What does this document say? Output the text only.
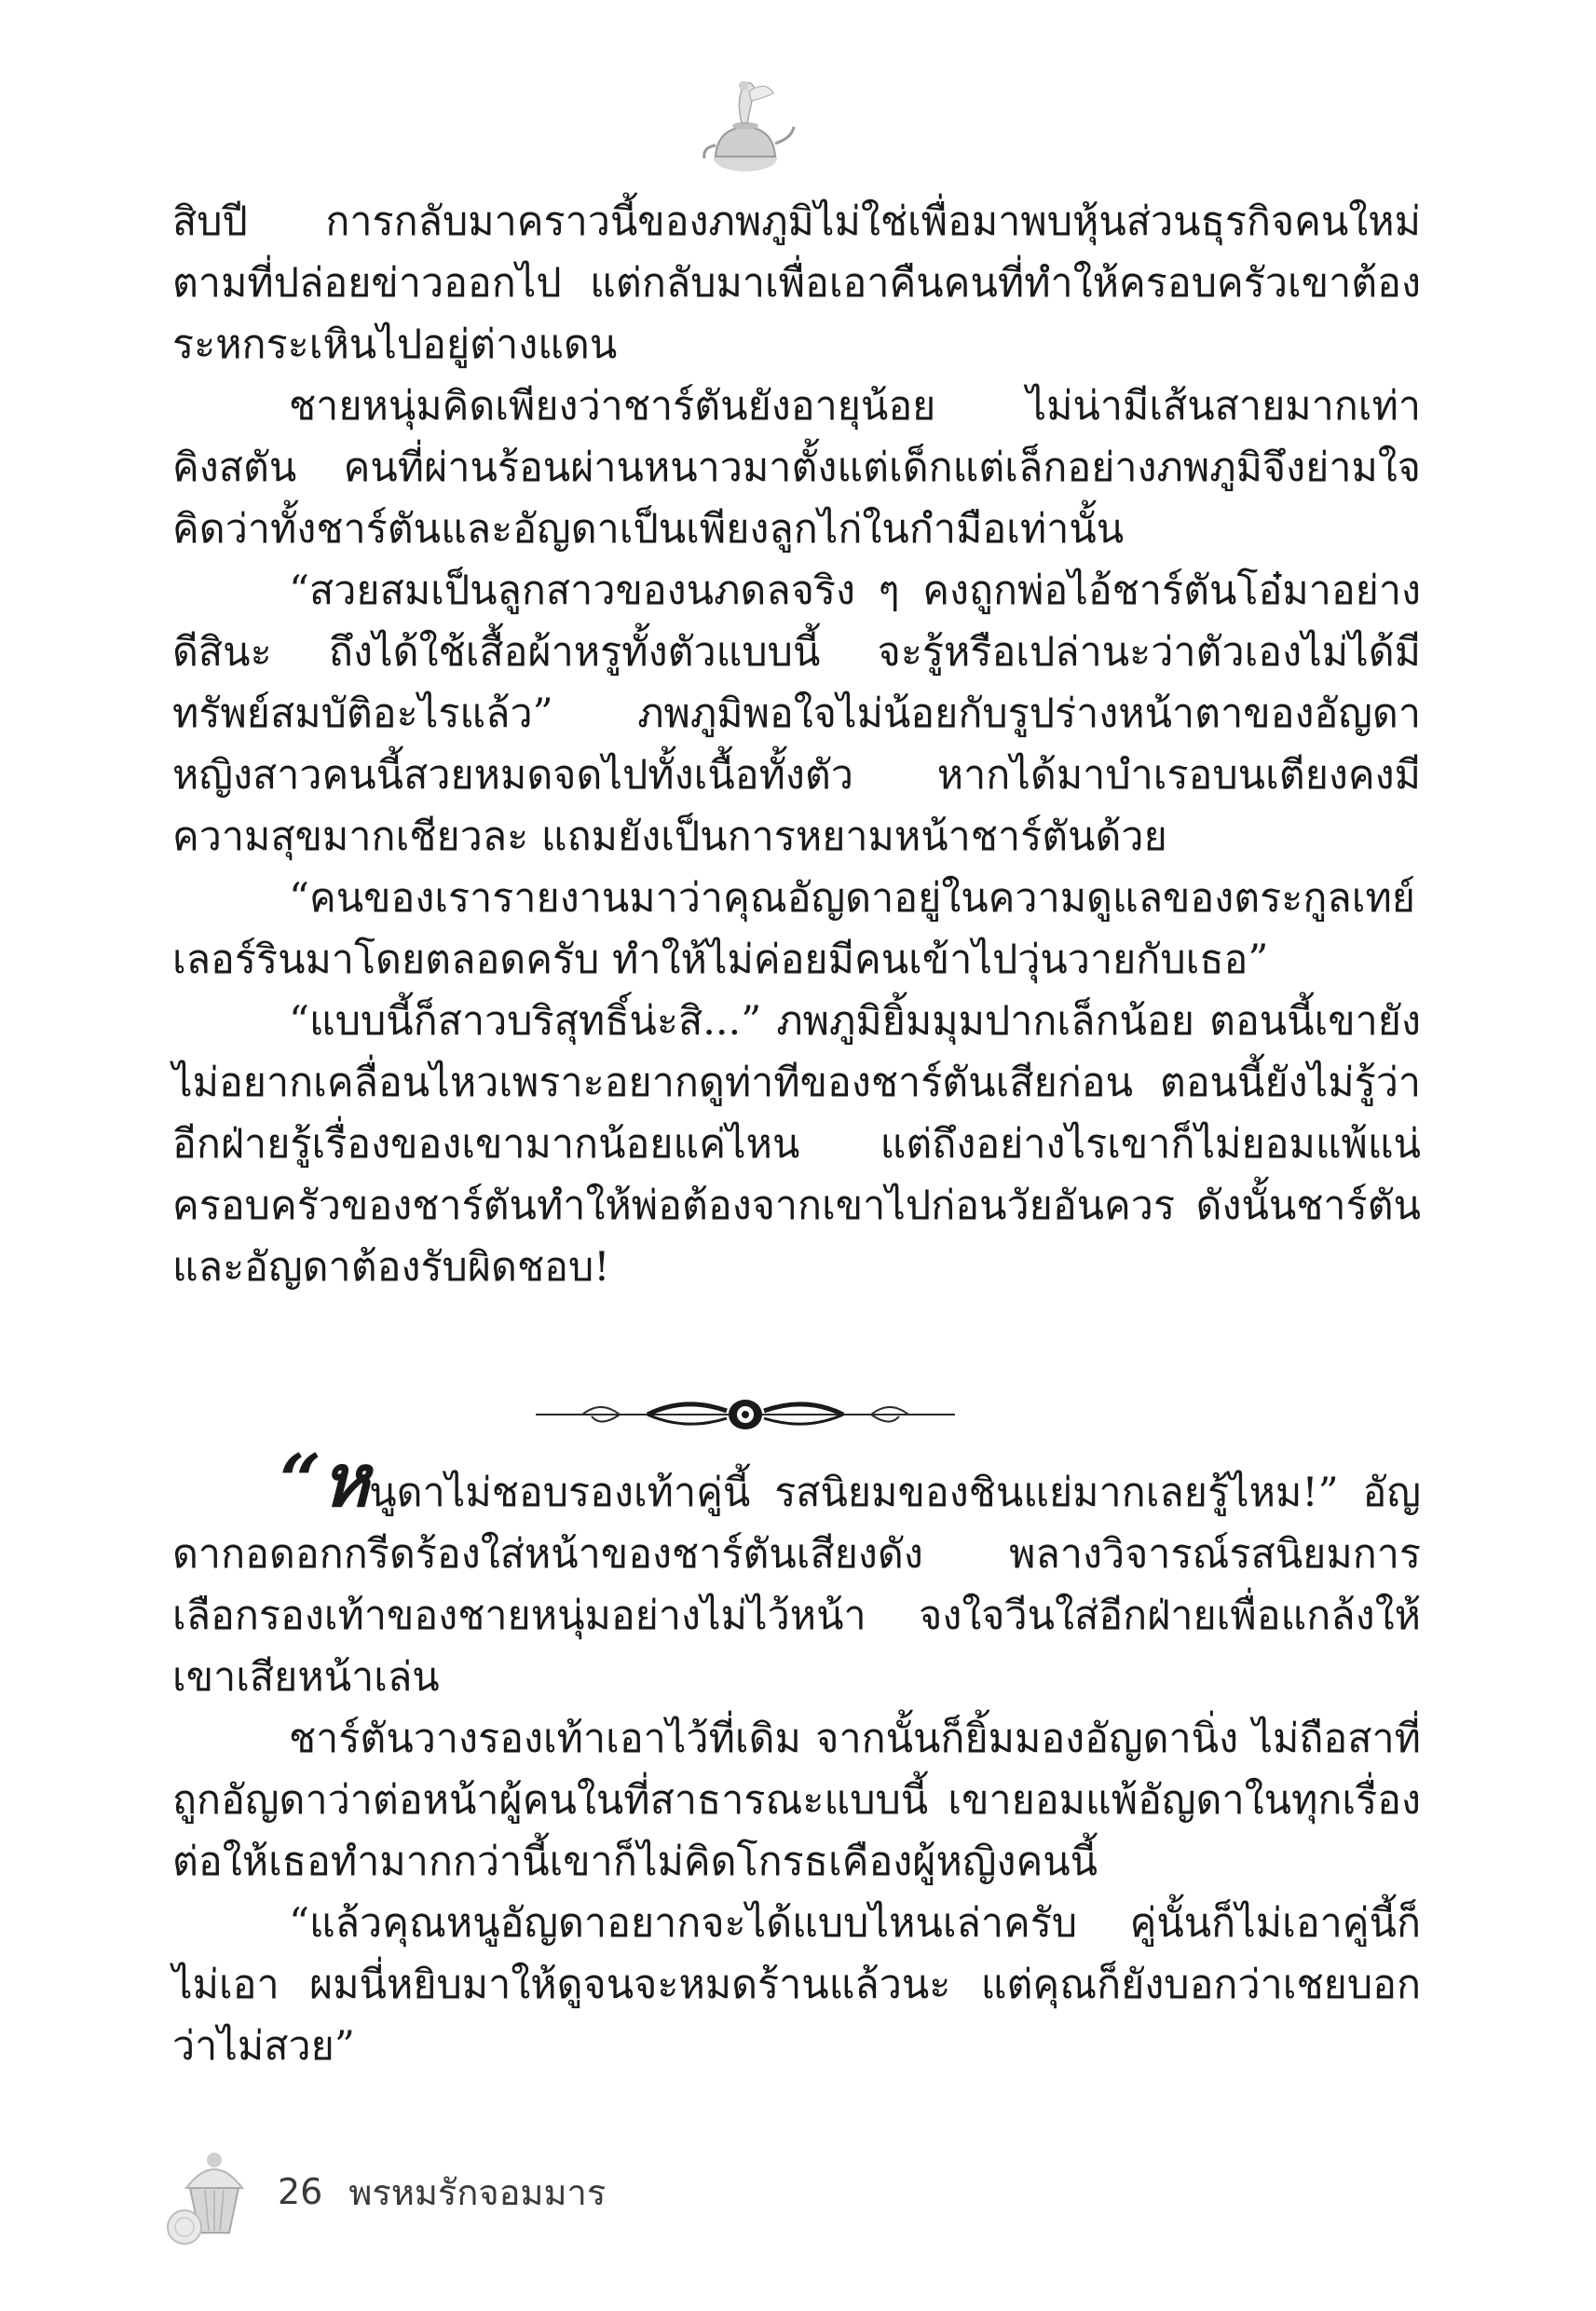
สิบปี การกลับมาคราวนี้ของภพภูมิไม่ใช่เพื่อมาพบหุ้นส่วนธุรกิจคนใหม่ตามที่ปล่อยข่าวออกไป แต่กลับมาเพื่อเอาคืนคนที่ทำให้ครอบครัวเขาต้องระหกระเหินไปอยู่ต่างแดน

ชายหนุ่มคิดเพียงว่าชาร์ตันยังอายุน้อย ไม่น่ามีเส้นสายมากเท่าคิงสตัน คนที่ผ่านร้อนผ่านหนาวมาตั้งแต่เด็กแต่เล็กอย่างภพภูมิจึงย่ามใจคิดว่าทั้งชาร์ตันและอัญดาเป็นเพียงลูกไก่ในกำมือเท่านั้น

“สวยสมเป็นลูกสาวของนภดลจริง ๆ คงถูกพ่อไอ้ชาร์ตันโอ๋มาอย่างดีสินะ ถึงได้ใช้เสื้อผ้าหรูทั้งตัวแบบนี้ จะรู้หรือเปล่านะว่าตัวเองไม่ได้มีทรัพย์สมบัติอะไรแล้ว” ภพภูมิพอใจไม่น้อยกับรูปร่างหน้าตาของอัญดา หญิงสาวคนนี้สวยหมดจดไปทั้งเนื้อทั้งตัว หากได้มาบำเรอบนเตียงคงมีความสุขมากเชียวละ แถมยังเป็นการหยามหน้าชาร์ตันด้วย

“คนของเรารายงานมาว่าคุณอัญดาอยู่ในความดูแลของตระกูลเทย์เลอร์รินมาโดยตลอดครับ ทำให้ไม่ค่อยมีคนเข้าไปวุ่นวายกับเธอ”

“แบบนี้ก็สาวบริสุทธิ์น่ะสิ...” ภพภูมิยิ้มมุมปากเล็กน้อย ตอนนี้เขายังไม่อยากเคลื่อนไหวเพราะอยากดูท่าทีของชาร์ตันเสียก่อน ตอนนี้ยังไม่รู้ว่าอีกฝ่ายรู้เรื่องของเขามากน้อยแค่ไหน แต่ถึงอย่างไรเขาก็ไม่ยอมแพ้แน่ ครอบครัวของชาร์ตันทำให้พ่อต้องจากเขาไปก่อนวัยอันควร ดังนั้นชาร์ตันและอัญดาต้องรับผิดชอบ!

“หนูดาไม่ชอบรองเท้าคู่นี้ รสนิยมของชินแย่มากเลยรู้ไหม!” อัญดากอดอกกรีดร้องใส่หน้าของชาร์ตันเสียงดัง พลางวิจารณ์รสนิยมการเลือกรองเท้าของชายหนุ่มอย่างไม่ไว้หน้า จงใจวีนใส่อีกฝ่ายเพื่อแกล้งให้เขาเสียหน้าเล่น

ชาร์ตันวางรองเท้าเอาไว้ที่เดิม จากนั้นก็ยิ้มมองอัญดานิ่ง ไม่ถือสาที่ถูกอัญดาว่าต่อหน้าผู้คนในที่สาธารณะแบบนี้ เขายอมแพ้อัญดาในทุกเรื่อง ต่อให้เธอทำมากกว่านี้เขาก็ไม่คิดโกรธเคืองผู้หญิงคนนี้

“แล้วคุณหนูอัญดาอยากจะได้แบบไหนเล่าครับ คู่นั้นก็ไม่เอาคู่นี้ก็ไม่เอา ผมนี่หยิบมาให้ดูจนจะหมดร้านแล้วนะ แต่คุณก็ยังบอกว่าเชยบอกว่าไม่สวย”

26 พรหมรักจอมมาร
